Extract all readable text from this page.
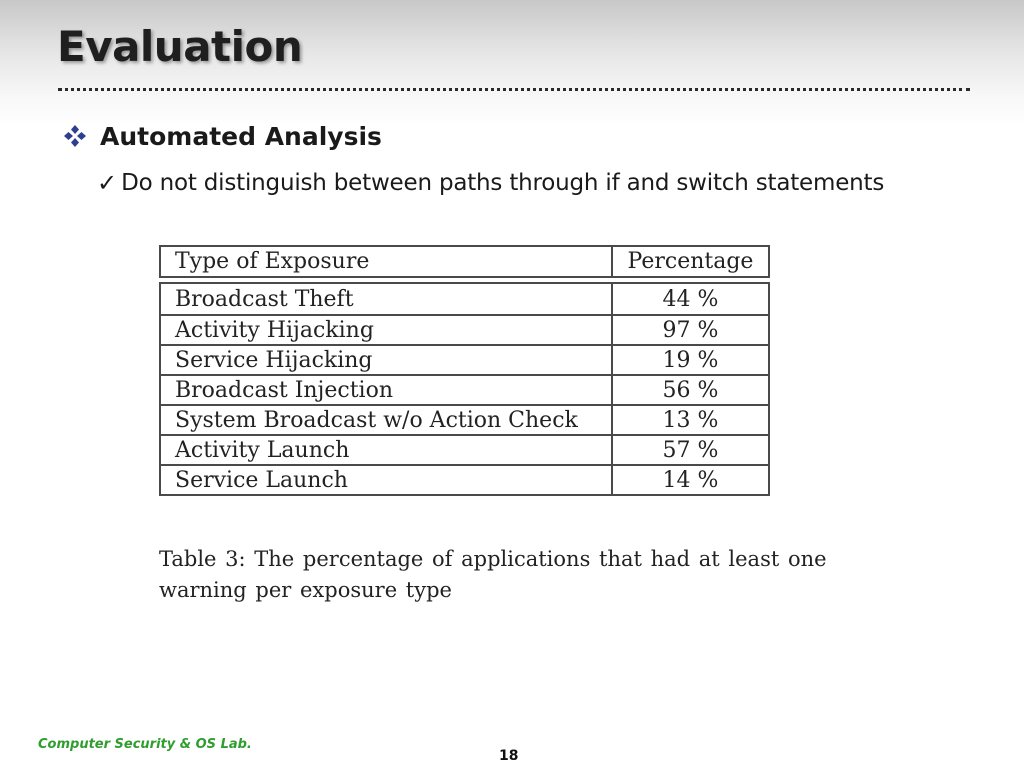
Evaluation
Automated Analysis
✓ Do not distinguish between paths through if and switch statements
Type of Exposure	Percentage
Broadcast Theft	44 %
Activity Hijacking	97 %
Service Hijacking	19 %
Broadcast Injection	56 %
System Broadcast w/o Action Check	13 %
Activity Launch	57 %
Service Launch	14 %

Table 3: The percentage of applications that had at least one warning per exposure type

Computer Security & OS Lab.
18
